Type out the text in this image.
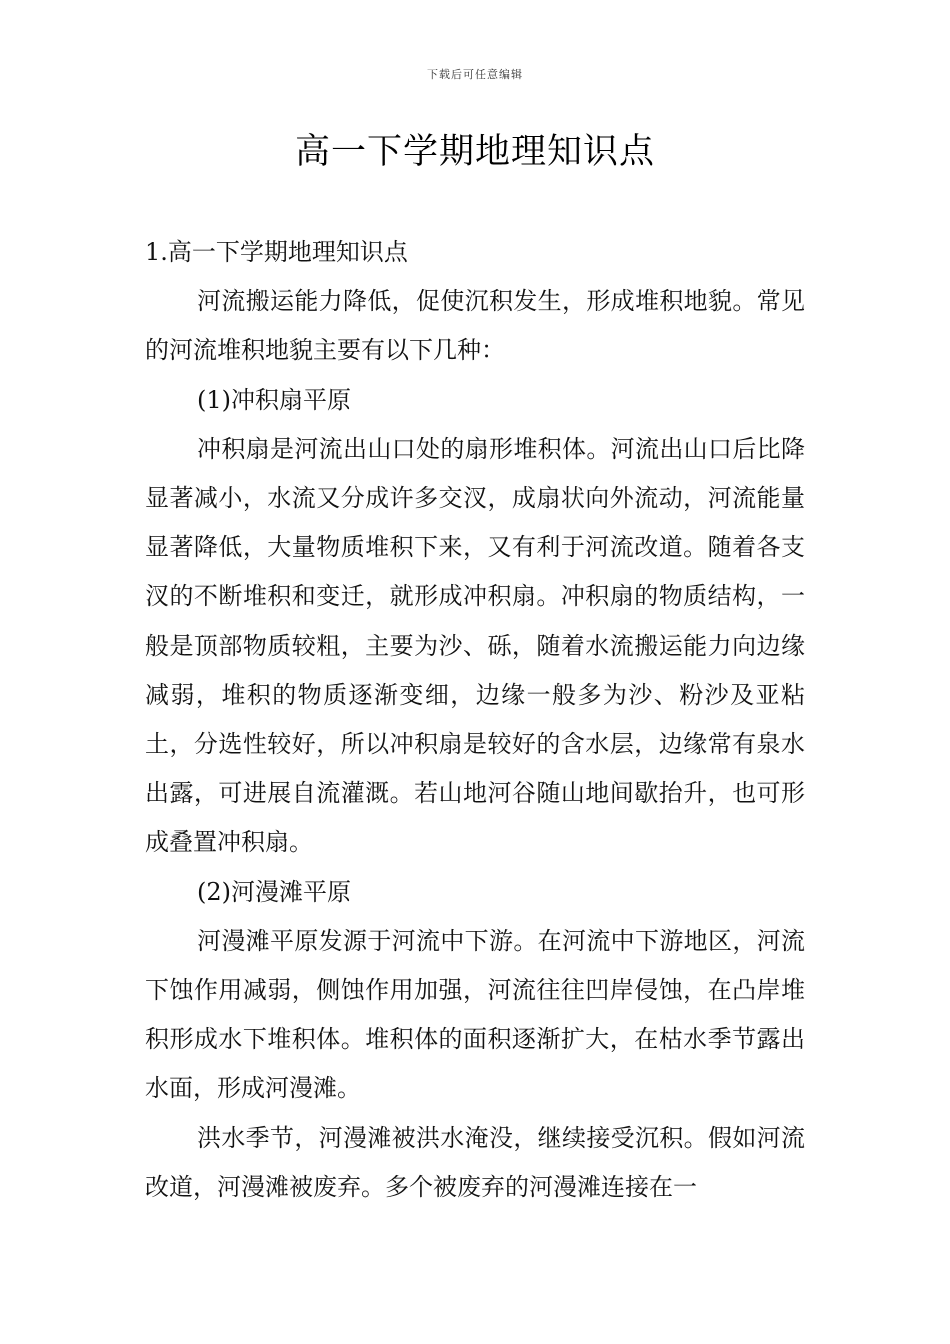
下载后可任意编辑
高一下学期地理知识点

1.高一下学期地理知识点

河流搬运能力降低，促使沉积发生，形成堆积地貌。常见的河流堆积地貌主要有以下几种：

(1)冲积扇平原

冲积扇是河流出山口处的扇形堆积体。河流出山口后比降显著减小，水流又分成许多交汊，成扇状向外流动，河流能量显著降低，大量物质堆积下来，又有利于河流改道。随着各支汊的不断堆积和变迁，就形成冲积扇。冲积扇的物质结构，一般是顶部物质较粗，主要为沙、砾，随着水流搬运能力向边缘减弱，堆积的物质逐渐变细，边缘一般多为沙、粉沙及亚粘土，分选性较好，所以冲积扇是较好的含水层，边缘常有泉水出露，可进展自流灌溉。若山地河谷随山地间歇抬升，也可形成叠置冲积扇。

(2)河漫滩平原

河漫滩平原发源于河流中下游。在河流中下游地区，河流下蚀作用减弱，侧蚀作用加强，河流往往凹岸侵蚀，在凸岸堆积形成水下堆积体。堆积体的面积逐渐扩大，在枯水季节露出水面，形成河漫滩。

洪水季节，河漫滩被洪水淹没，继续接受沉积。假如河流改道，河漫滩被废弃。多个被废弃的河漫滩连接在一
